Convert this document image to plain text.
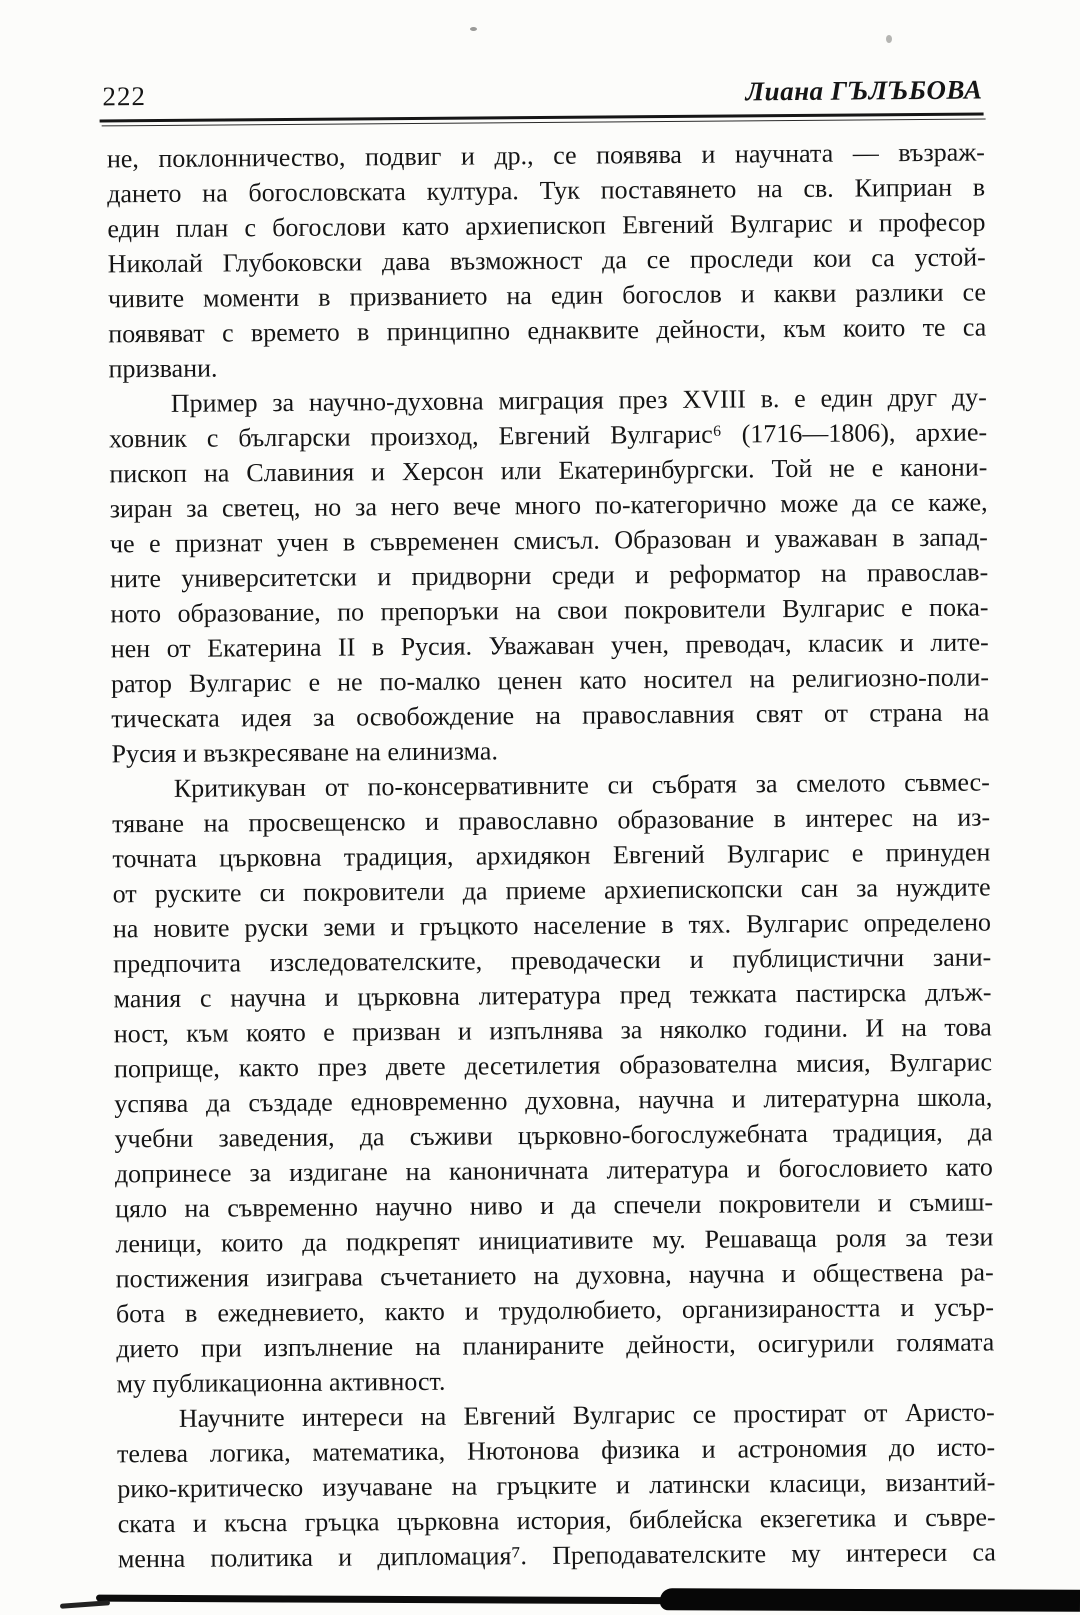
222	Лиана ГЪЛЪБОВА
не, поклонничество, подвиг и др., се появява и научната — възраж-
дането на богословската култура. Тук поставянето на св. Киприан в
един план с богослови като архиепископ Евгений Вулгарис и професор
Николай Глубоковски дава възможност да се проследи кои са устой-
чивите моменти в призванието на един богослов и какви разлики се
появяват с времето в принципно еднаквите дейности, към които те са
призвани.
Пример за научно-духовна миграция през XVIII в. е един друг ду-
ховник с български произход, Евгений Вулгарис⁶ (1716—1806), архие-
пископ на Славиния и Херсон или Екатеринбургски. Той не е канони-
зиран за светец, но за него вече много по-категорично може да се каже,
че е признат учен в съвременен смисъл. Образован и уважаван в запад-
ните университетски и придворни среди и реформатор на православ-
ното образование, по препоръки на свои покровители Вулгарис е пока-
нен от Екатерина II в Русия. Уважаван учен, преводач, класик и лите-
ратор Вулгарис е не по-малко ценен като носител на религиозно-поли-
тическата идея за освобождение на православния свят от страна на
Русия и възкресяване на елинизма.
Критикуван от по-консервативните си събратя за смелото съвмес-
тяване на просвещенско и православно образование в интерес на из-
точната църковна традиция, архидякон Евгений Вулгарис е принуден
от руските си покровители да приеме архиепископски сан за нуждите
на новите руски земи и гръцкото население в тях. Вулгарис определено
предпочита изследователските, преводачески и публицистични зани-
мания с научна и църковна литература пред тежката пастирска длъж-
ност, към която е призван и изпълнява за няколко години. И на това
поприще, както през двете десетилетия образователна мисия, Вулгарис
успява да създаде едновременно духовна, научна и литературна школа,
учебни заведения, да съживи църковно-богослужебната традиция, да
допринесе за издигане на каноничната литература и богословието като
цяло на съвременно научно ниво и да спечели покровители и съмиш-
леници, които да подкрепят инициативите му. Решаваща роля за тези
постижения изиграва съчетанието на духовна, научна и обществена ра-
бота в ежедневието, както и трудолюбието, организираността и усър-
дието при изпълнение на планираните дейности, осигурили голямата
му публикационна активност.
Научните интереси на Евгений Вулгарис се простират от Аристо-
телева логика, математика, Нютонова физика и астрономия до исто-
рико-критическо изучаване на гръцките и латински класици, византий-
ската и късна гръцка църковна история, библейска екзегетика и съвре-
менна политика и дипломация⁷. Преподавателските му интереси са
